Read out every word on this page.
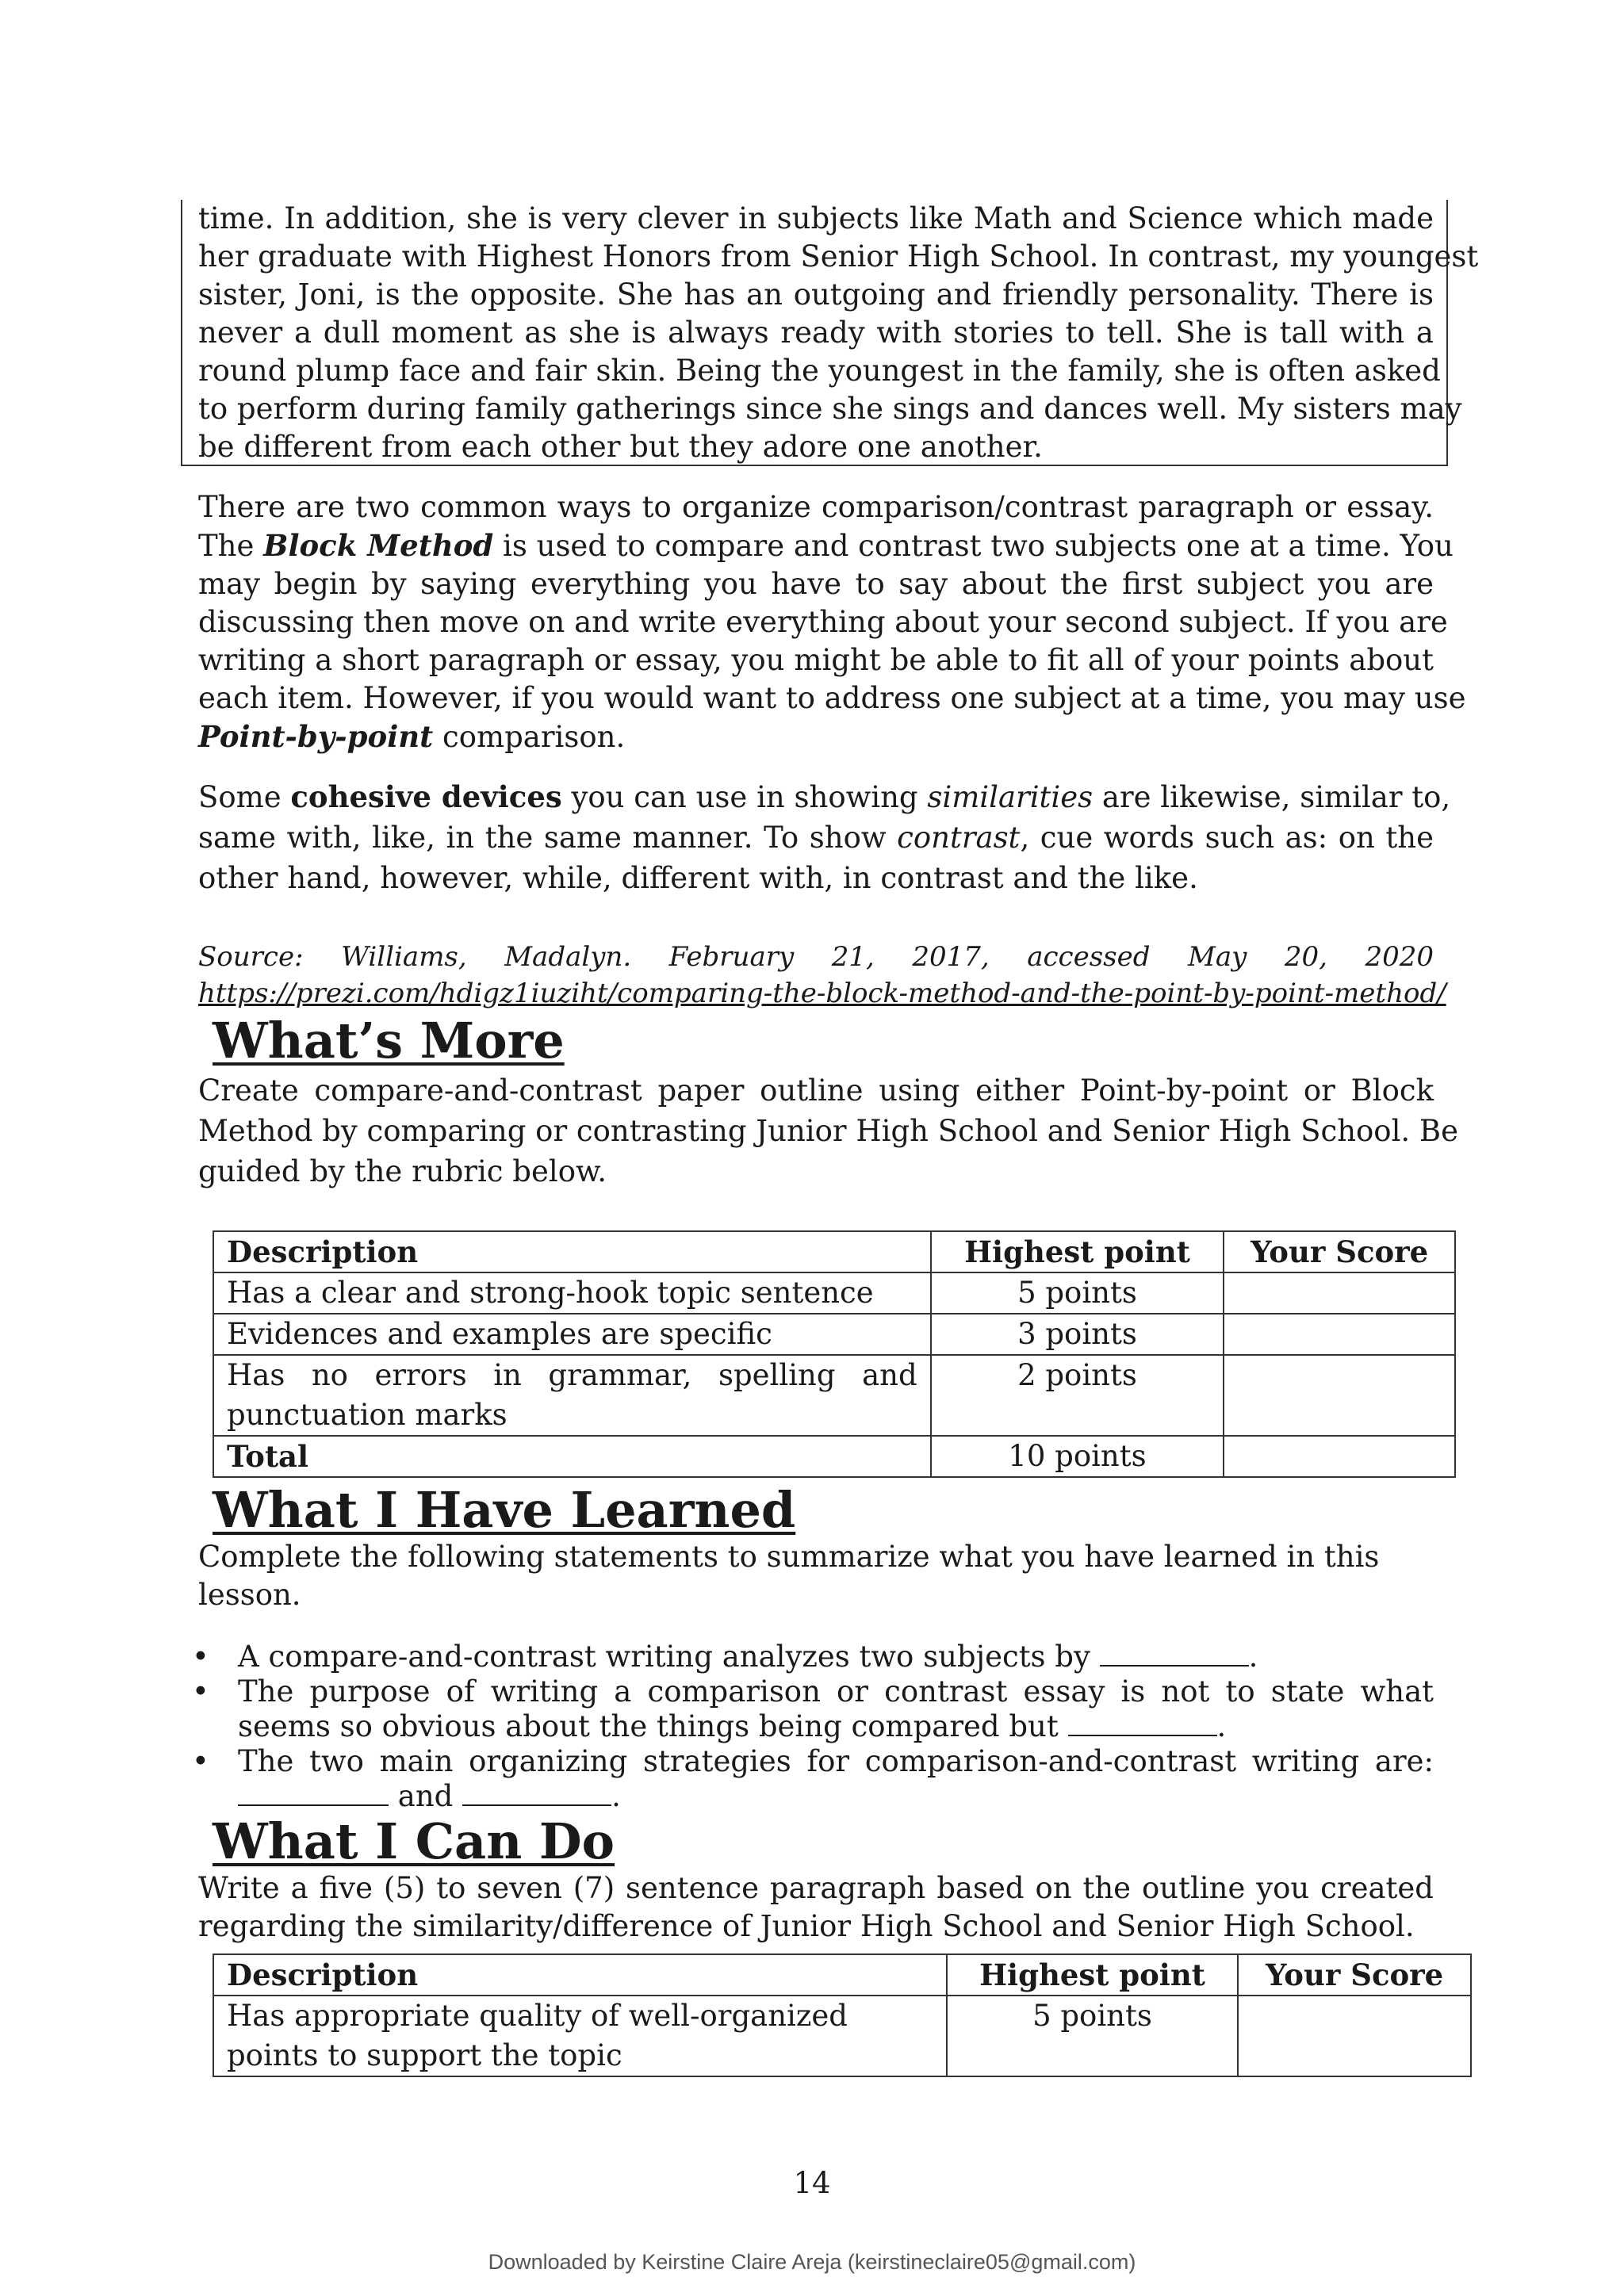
time. In addition, she is very clever in subjects like Math and Science which made
her graduate with Highest Honors from Senior High School. In contrast, my youngest
sister, Joni, is the opposite. She has an outgoing and friendly personality. There is
never a dull moment as she is always ready with stories to tell. She is tall with a
round plump face and fair skin. Being the youngest in the family, she is often asked
to perform during family gatherings since she sings and dances well. My sisters may
be different from each other but they adore one another.
There are two common ways to organize comparison/contrast paragraph or essay.
The Block Method is used to compare and contrast two subjects one at a time. You
may begin by saying everything you have to say about the first subject you are
discussing then move on and write everything about your second subject. If you are
writing a short paragraph or essay, you might be able to fit all of your points about
each item. However, if you would want to address one subject at a time, you may use
Point-by-point comparison.
Some cohesive devices you can use in showing similarities are likewise, similar to,
same with, like, in the same manner. To show contrast, cue words such as: on the
other hand, however, while, different with, in contrast and the like.
Source: Williams, Madalyn. February 21, 2017, accessed May 20, 2020
https://prezi.com/hdigz1iuziht/comparing-the-block-method-and-the-point-by-point-method/
What’s More
Create compare-and-contrast paper outline using either Point-by-point or Block
Method by comparing or contrasting Junior High School and Senior High School. Be
guided by the rubric below.
Description	Highest point	Your Score
Has a clear and strong-hook topic sentence	5 points	
Evidences and examples are specific	3 points	
Has no errors in grammar, spelling and punctuation marks	2 points	
Total	10 points	
What I Have Learned
Complete the following statements to summarize what you have learned in this
lesson.
• A compare-and-contrast writing analyzes two subjects by	.
• The purpose of writing a comparison or contrast essay is not to state what
seems so obvious about the things being compared but	.
• The two main organizing strategies for comparison-and-contrast writing are:
and	.
What I Can Do
Write a five (5) to seven (7) sentence paragraph based on the outline you created
regarding the similarity/difference of Junior High School and Senior High School.
Description	Highest point	Your Score
Has appropriate quality of well-organized points to support the topic	5 points	
14
Downloaded by Keirstine Claire Areja (keirstineclaire05@gmail.com)
